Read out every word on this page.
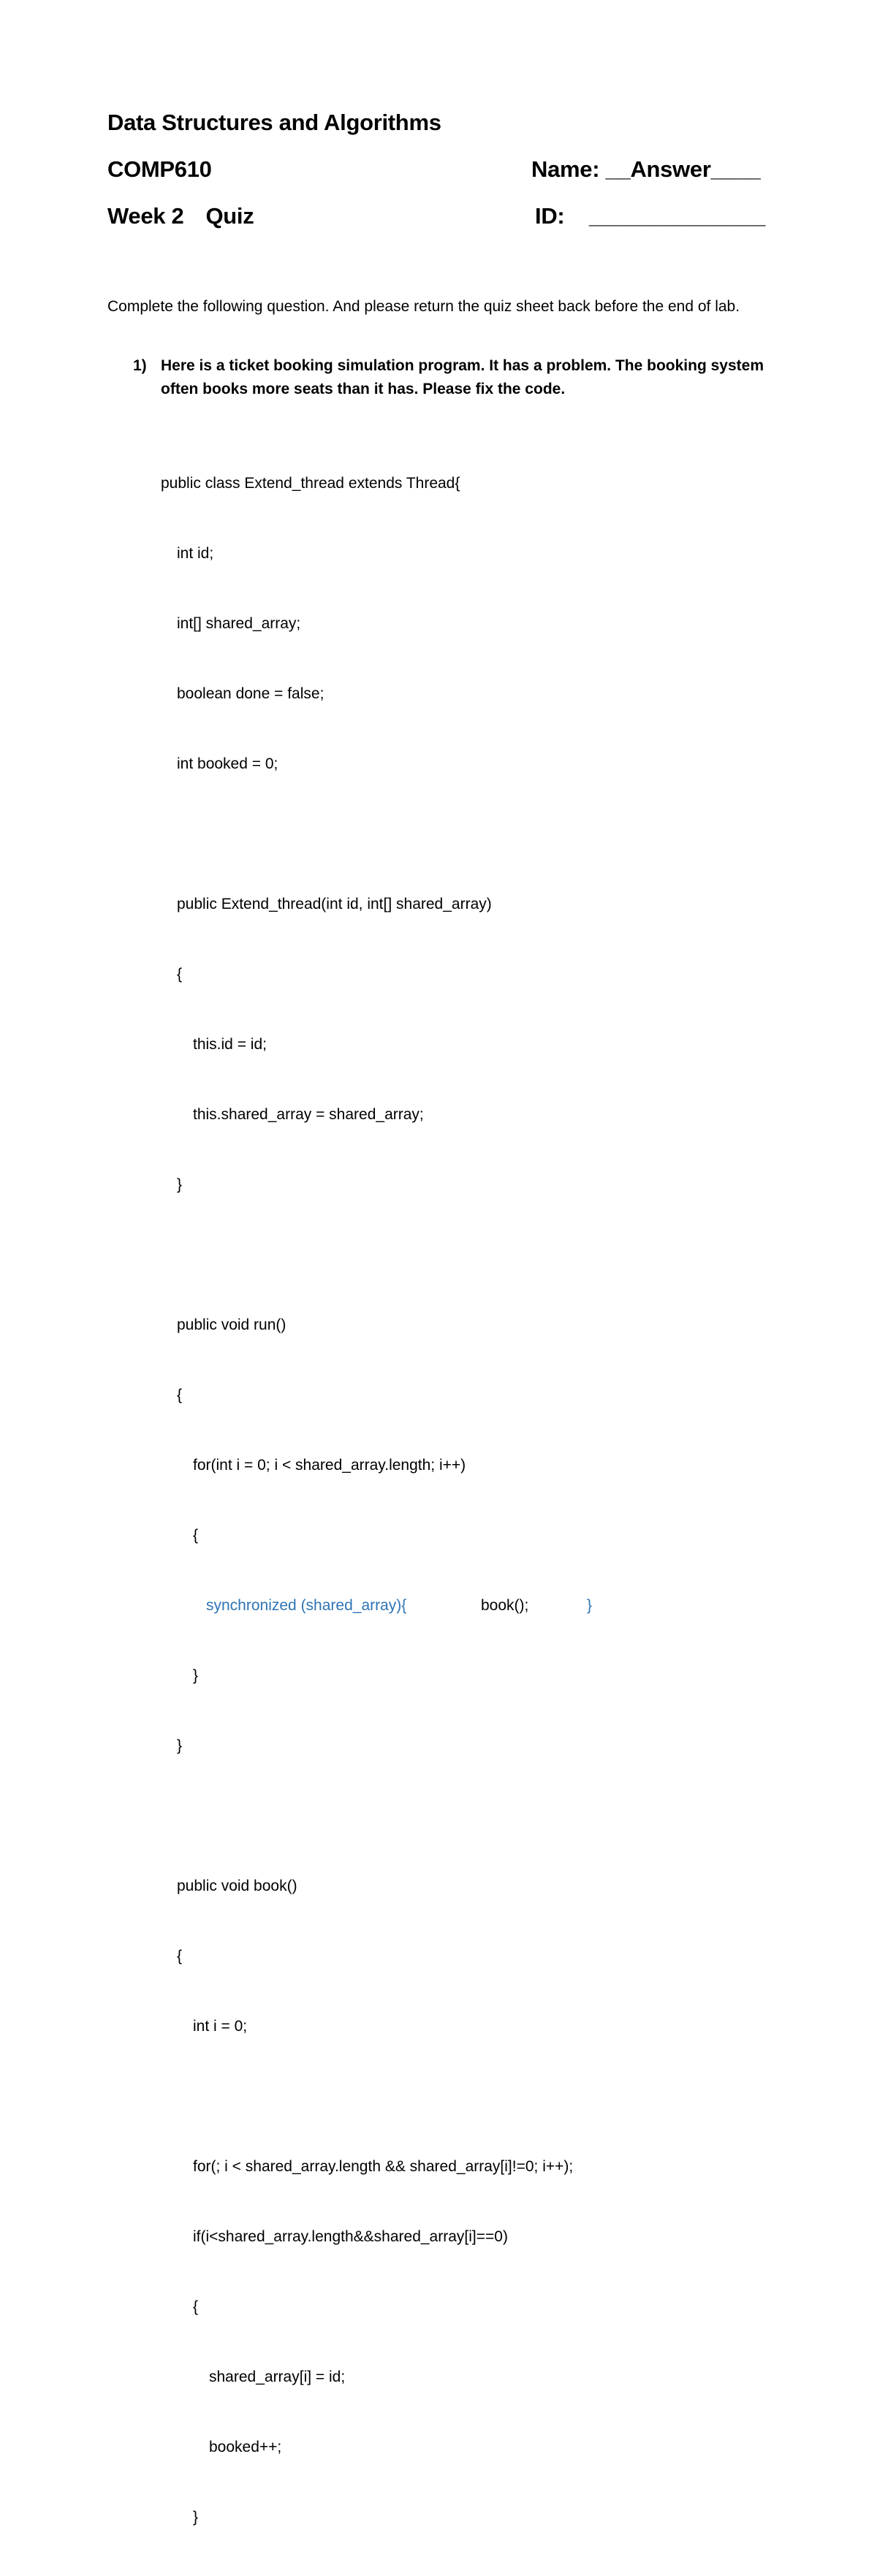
Data Structures and Algorithms
COMP610	Name: __Answer____
Week 2 Quiz	ID: ______________
Complete the following question. And please return the quiz sheet back before the end of lab.
1) Here is a ticket booking simulation program. It has a problem. The booking system often books more seats than it has. Please fix the code.

public class Extend_thread extends Thread{

int id;

int[] shared_array;

boolean done = false;

int booked = 0;

public Extend_thread(int id, int[] shared_array)

{

this.id = id;

this.shared_array = shared_array;

}

public void run()

{

for(int i = 0; i < shared_array.length; i++)

{

synchronized (shared_array){

	book();

	}

}

}

public void book()

{

int i = 0;

for(; i < shared_array.length && shared_array[i]!=0; i++);

if(i<shared_array.length&&shared_array[i]==0)

{

shared_array[i] = id;

booked++;

}
